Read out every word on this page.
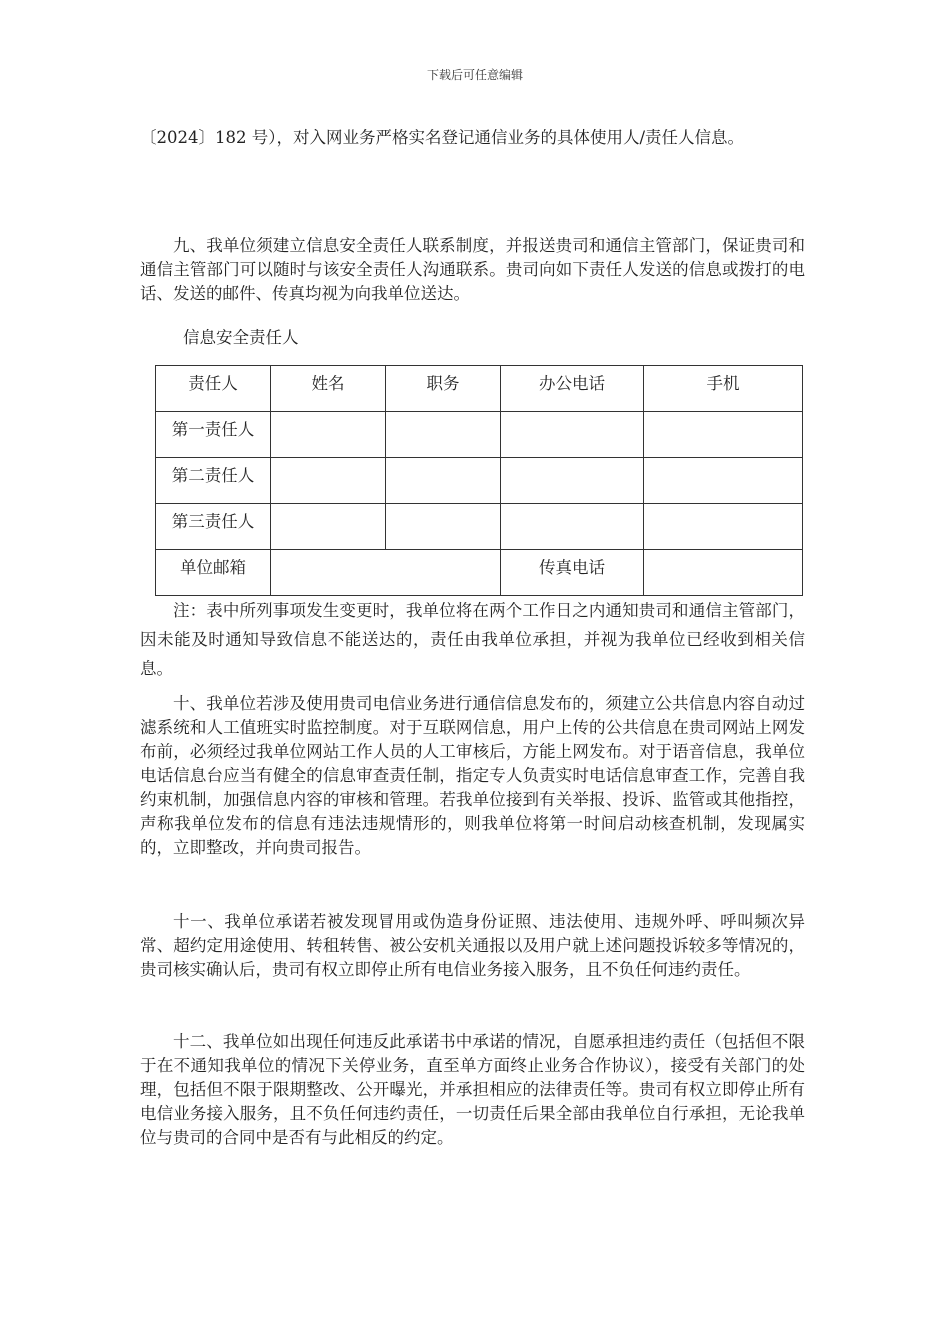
下载后可任意编辑

〔2024〕182 号），对入网业务严格实名登记通信业务的具体使用人/责任人信息。

九、我单位须建立信息安全责任人联系制度，并报送贵司和通信主管部门，保证贵司和通信主管部门可以随时与该安全责任人沟通联系。贵司向如下责任人发送的信息或拨打的电话、发送的邮件、传真均视为向我单位送达。

信息安全责任人
责任人	姓名	职务	办公电话	手机
第一责任人				
第二责任人				
第三责任人				
单位邮箱			传真电话	

注：表中所列事项发生变更时，我单位将在两个工作日之内通知贵司和通信主管部门，因未能及时通知导致信息不能送达的，责任由我单位承担，并视为我单位已经收到相关信息。

十、我单位若涉及使用贵司电信业务进行通信信息发布的，须建立公共信息内容自动过滤系统和人工值班实时监控制度。对于互联网信息，用户上传的公共信息在贵司网站上网发布前，必须经过我单位网站工作人员的人工审核后，方能上网发布。对于语音信息，我单位电话信息台应当有健全的信息审查责任制，指定专人负责实时电话信息审查工作，完善自我约束机制，加强信息内容的审核和管理。若我单位接到有关举报、投诉、监管或其他指控，声称我单位发布的信息有违法违规情形的，则我单位将第一时间启动核查机制，发现属实的，立即整改，并向贵司报告。

十一、我单位承诺若被发现冒用或伪造身份证照、违法使用、违规外呼、呼叫频次异常、超约定用途使用、转租转售、被公安机关通报以及用户就上述问题投诉较多等情况的，贵司核实确认后，贵司有权立即停止所有电信业务接入服务，且不负任何违约责任。

十二、我单位如出现任何违反此承诺书中承诺的情况，自愿承担违约责任（包括但不限于在不通知我单位的情况下关停业务，直至单方面终止业务合作协议），接受有关部门的处理，包括但不限于限期整改、公开曝光，并承担相应的法律责任等。贵司有权立即停止所有电信业务接入服务，且不负任何违约责任，一切责任后果全部由我单位自行承担，无论我单位与贵司的合同中是否有与此相反的约定。
